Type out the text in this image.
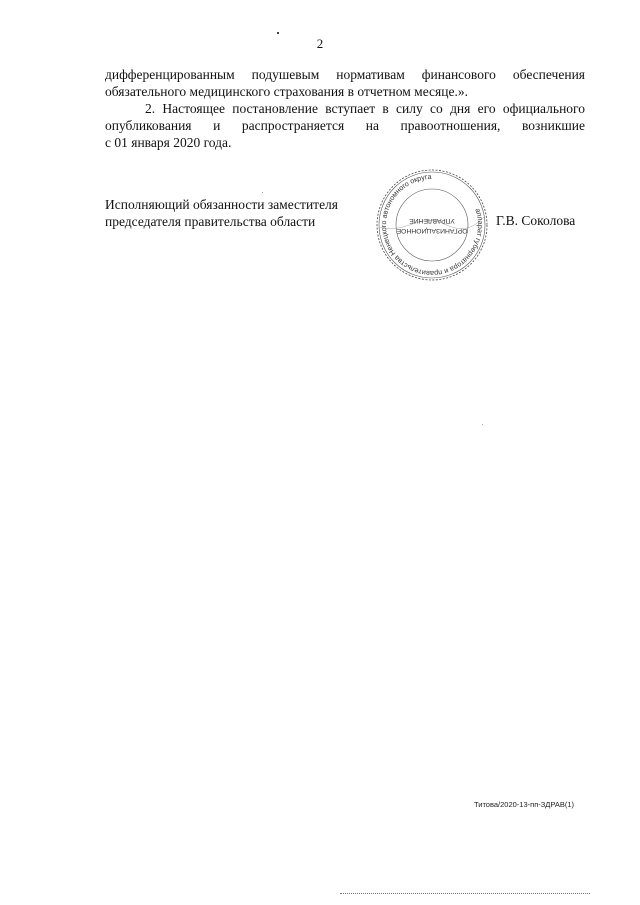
2
дифференцированным подушевым нормативам финансового обеспечения
обязательного медицинского страхования в отчетном месяце.».
2. Настоящее постановление вступает в силу со дня его официального
опубликования и распространяется на правоотношения, возникшие
с 01 января 2020 года.
Исполняющий обязанности заместителя
председателя правительства области
аппарат губернатора и правительства Ненецкого автономного округа
ОРГАНИЗАЦИОННОЕ
УПРАВЛЕНИЕ	Г.В. Соколова
Титова/2020-13-пп-ЗДРАВ(1)
